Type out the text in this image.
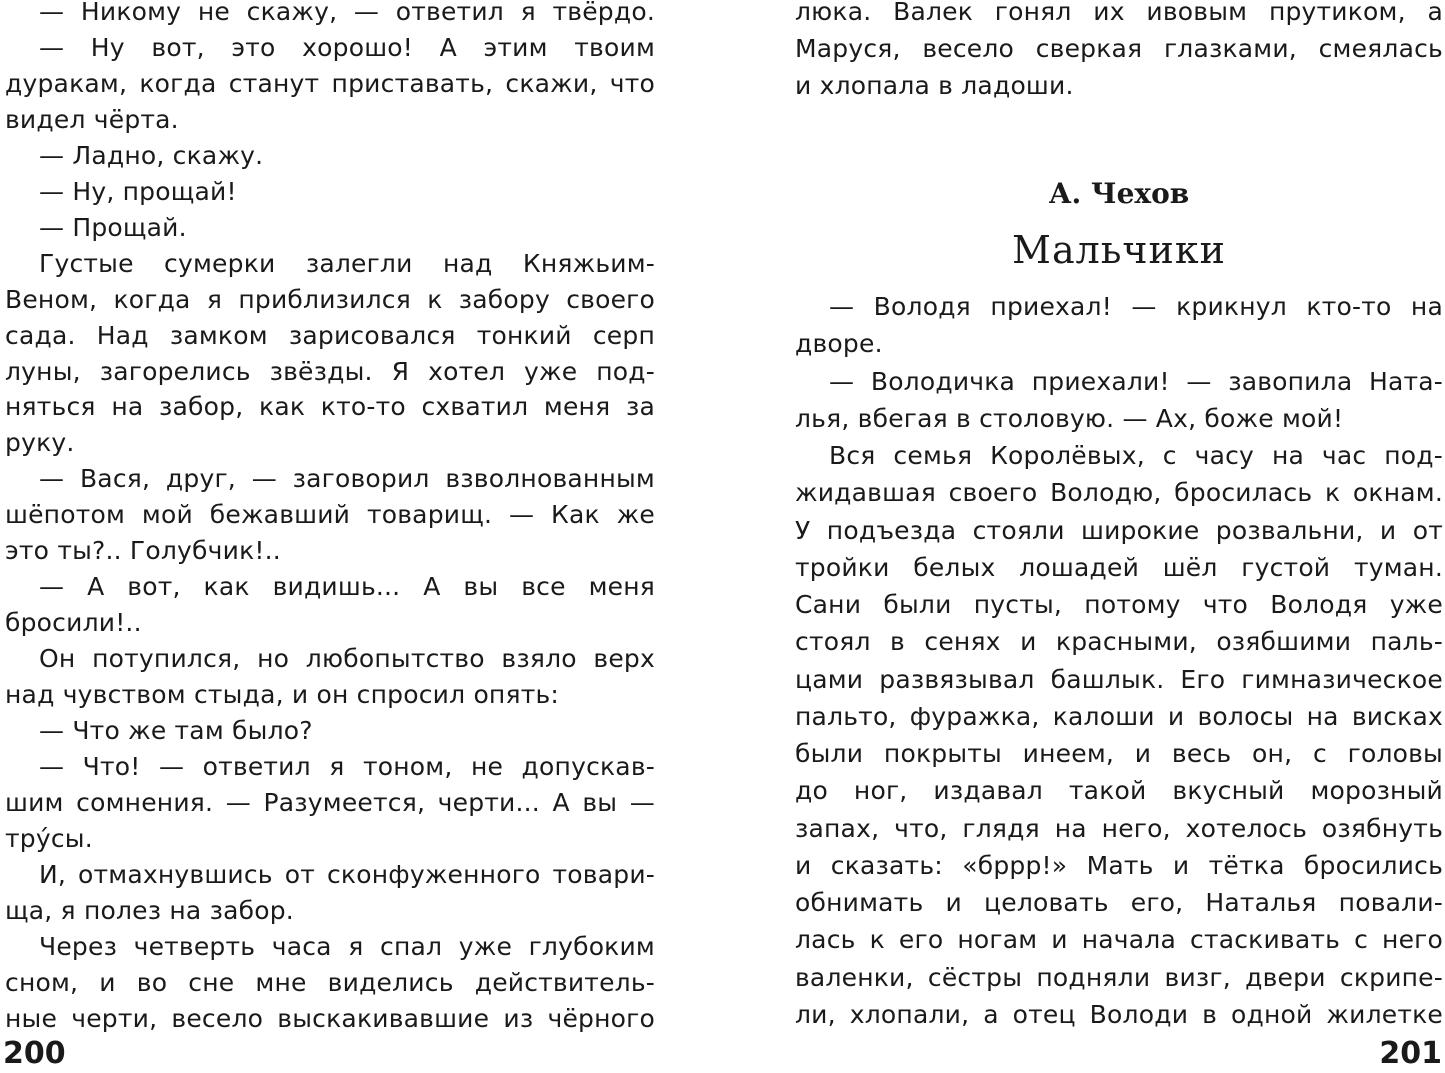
— Никому не скажу, — ответил я твёрдо.
— Ну вот, это хорошо! А этим твоим
дуракам, когда станут приставать, скажи, что
видел чёрта.
— Ладно, скажу.
— Ну, прощай!
— Прощай.
Густые сумерки залегли над Княжьим-
Веном, когда я приблизился к забору своего
сада. Над замком зарисовался тонкий серп
луны, загорелись звёзды. Я хотел уже под-
няться на забор, как кто-то схватил меня за
руку.
— Вася, друг, — заговорил взволнованным
шёпотом мой бежавший товарищ. — Как же
это ты?.. Голубчик!..
— А вот, как видишь... А вы все меня
бросили!..
Он потупился, но любопытство взяло верх
над чувством стыда, и он спросил опять:
— Что же там было?
— Что! — ответил я тоном, не допускав-
шим сомнения. — Разумеется, черти... А вы —
тру́сы.
И, отмахнувшись от сконфуженного товари-
ща, я полез на забор.
Через четверть часа я спал уже глубоким
сном, и во сне мне виделись действитель-
ные черти, весело выскакивавшие из чёрного
200
люка. Валек гонял их ивовым прутиком, а
Маруся, весело сверкая глазками, смеялась
и хлопала в ладоши.
А. Чехов
Мальчики
— Володя приехал! — крикнул кто-то на
дворе.
— Володичка приехали! — завопила Ната-
лья, вбегая в столовую. — Ах, боже мой!
Вся семья Королёвых, с часу на час под-
жидавшая своего Володю, бросилась к окнам.
У подъезда стояли широкие розвальни, и от
тройки белых лошадей шёл густой туман.
Сани были пусты, потому что Володя уже
стоял в сенях и красными, озябшими паль-
цами развязывал башлык. Его гимназическое
пальто, фуражка, калоши и волосы на висках
были покрыты инеем, и весь он, с головы
до ног, издавал такой вкусный морозный
запах, что, глядя на него, хотелось озябнуть
и сказать: «бррр!» Мать и тётка бросились
обнимать и целовать его, Наталья повали-
лась к его ногам и начала стаскивать с него
валенки, сёстры подняли визг, двери скрипе-
ли, хлопали, а отец Володи в одной жилетке
201
